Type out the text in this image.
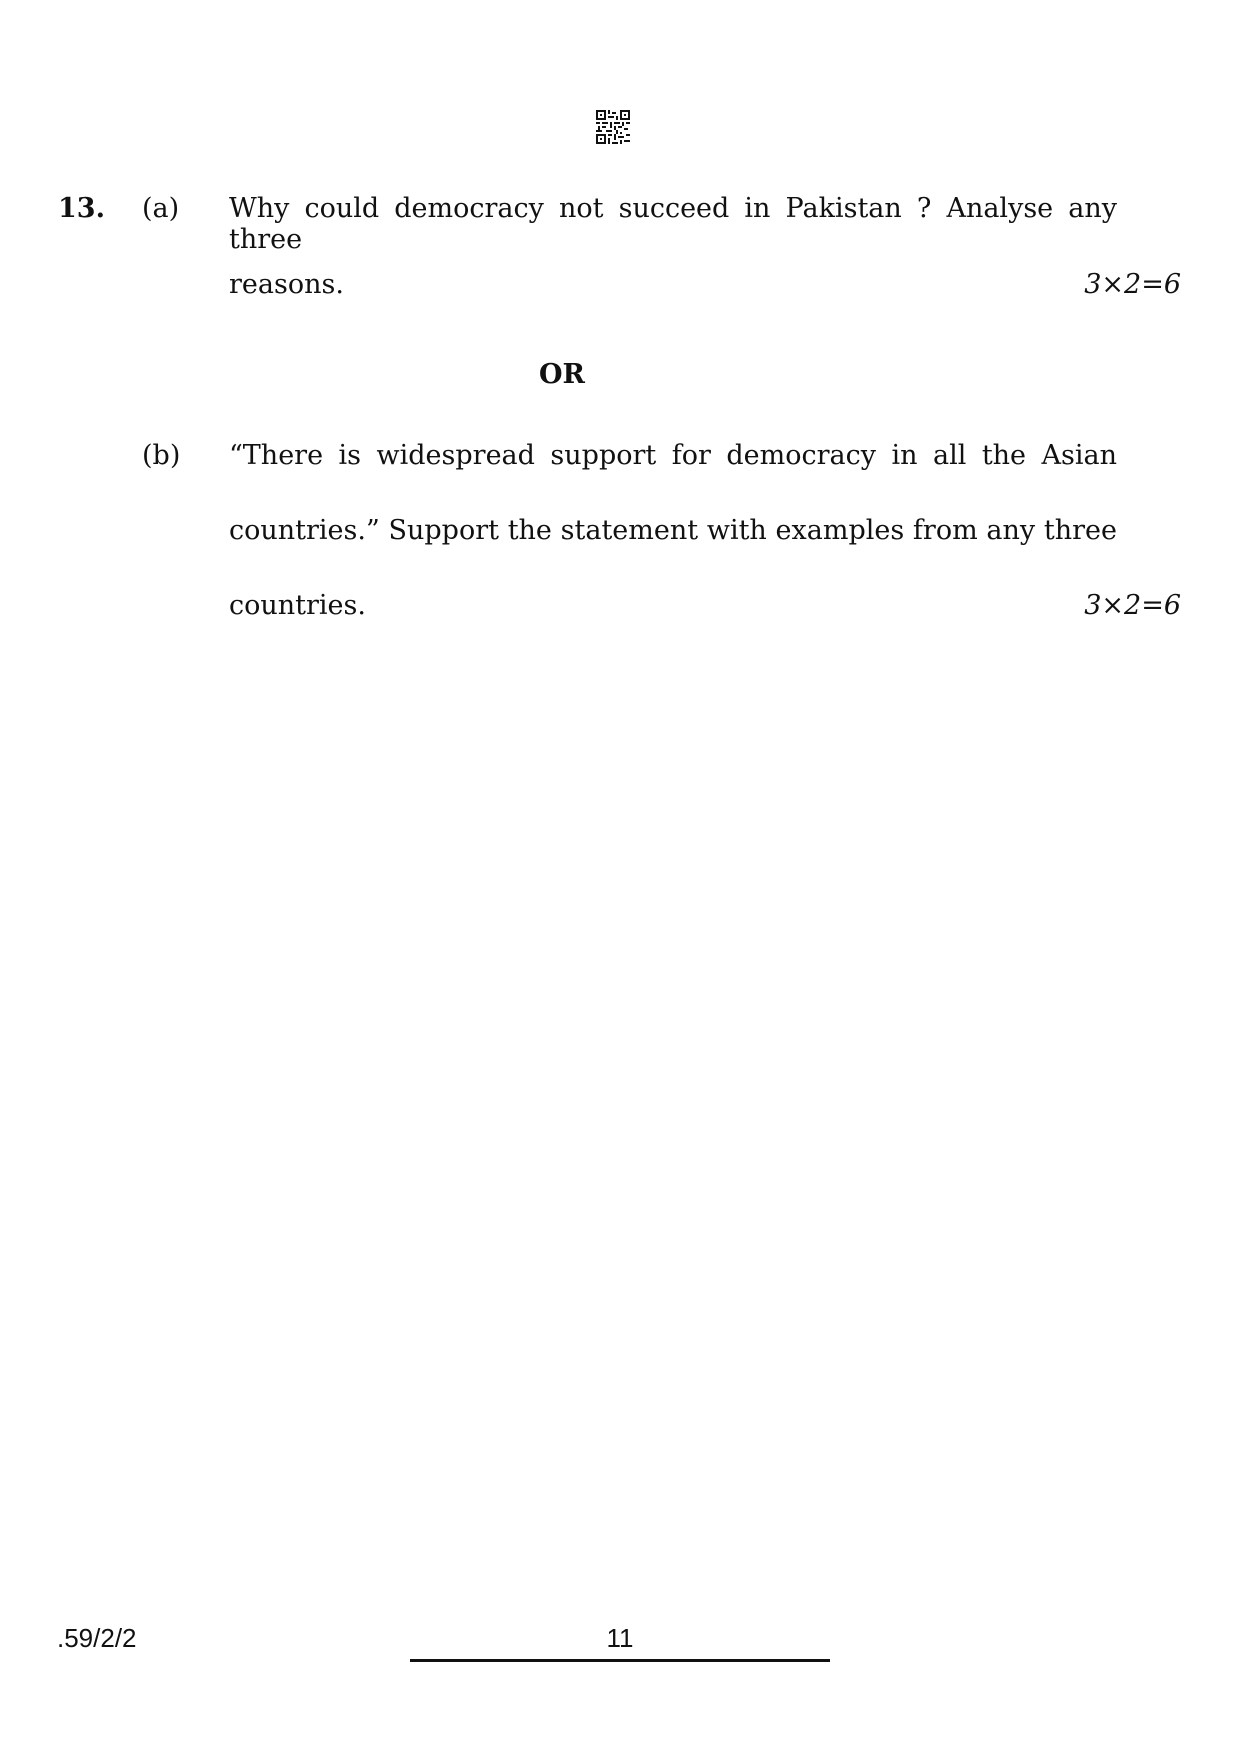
13. (a) Why could democracy not succeed in Pakistan ? Analyse any three
reasons.	3×2=6
OR
(b) “There is widespread support for democracy in all the Asian
countries.” Support the statement with examples from any three
countries.	3×2=6
.59/2/2	11
